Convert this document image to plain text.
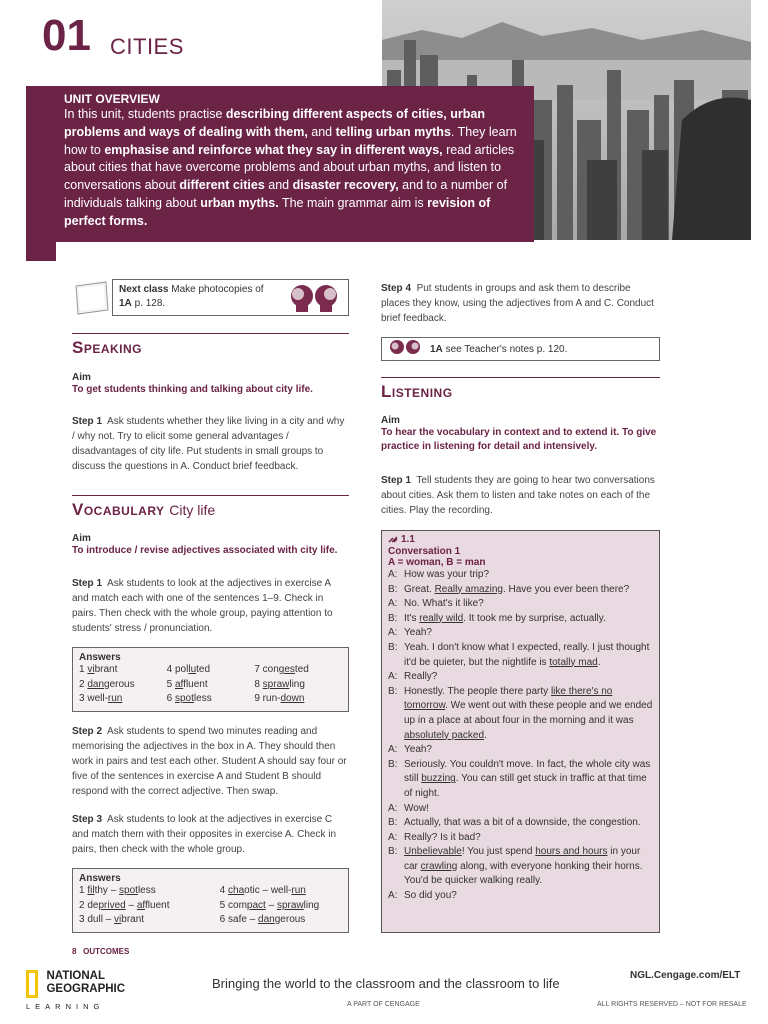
01 CITIES
UNIT OVERVIEW

In this unit, students practise describing different aspects of cities, urban problems and ways of dealing with them, and telling urban myths. They learn how to emphasise and reinforce what they say in different ways, read articles about cities that have overcome problems and about urban myths, and listen to conversations about different cities and disaster recovery, and to a number of individuals talking about urban myths. The main grammar aim is revision of perfect forms.

Next class Make photocopies of
1A p. 128.
Speaking
Aim
To get students thinking and talking about city life.
Step 1 Ask students whether they like living in a city and why / why not. Try to elicit some general advantages / disadvantages of city life. Put students in small groups to discuss the questions in A. Conduct brief feedback.
Vocabulary City life
Aim
To introduce / revise adjectives associated with city life.
Step 1 Ask students to look at the adjectives in exercise A and match each with one of the sentences 1–9. Check in pairs. Then check with the whole group, paying attention to students' stress / pronunciation.
Answers
1 vibrant	4 polluted	7 congested
2 dangerous	5 affluent	8 sprawling
3 well-run	6 spotless	9 run-down
Step 2 Ask students to spend two minutes reading and memorising the adjectives in the box in A. They should then work in pairs and test each other. Student A should say four or five of the sentences in exercise A and Student B should respond with the correct adjective. Then swap.
Step 3 Ask students to look at the adjectives in exercise C and match them with their opposites in exercise A. Check in pairs, then check with the whole group.
Answers
1 filthy – spotless	4 chaotic – well-run
2 deprived – affluent	5 compact – sprawling
3 dull – vibrant	6 safe – dangerous
Step 4 Put students in groups and ask them to describe places they know, using the adjectives from A and C. Conduct brief feedback.
1A see Teacher's notes p. 120.
Listening
Aim
To hear the vocabulary in context and to extend it. To give practice in listening for detail and intensively.
Step 1 Tell students they are going to hear two conversations about cities. Ask them to listen and take notes on each of the cities. Play the recording.
1.1
Conversation 1
A = woman, B = man
A: How was your trip?
B: Great. Really amazing. Have you ever been there?
A: No. What's it like?
B: It's really wild. It took me by surprise, actually.
A: Yeah?
B: Yeah. I don't know what I expected, really. I just thought it'd be quieter, but the nightlife is totally mad.
A: Really?
B: Honestly. The people there party like there's no tomorrow. We went out with these people and we ended up in a place at about four in the morning and it was absolutely packed.
A: Yeah?
B: Seriously. You couldn't move. In fact, the whole city was still buzzing. You can still get stuck in traffic at that time of night.
A: Wow!
B: Actually, that was a bit of a downside, the congestion.
A: Really? Is it bad?
B: Unbelievable! You just spend hours and hours in your car crawling along, with everyone honking their horns. You'd be quicker walking really.
A: So did you?
8 OUTCOMES
NATIONAL
GEOGRAPHIC
LEARNING
Bringing the world to the classroom and the classroom to life
A PART OF CENGAGE
NGL.Cengage.com/ELT
ALL RIGHTS RESERVED – NOT FOR RESALE
